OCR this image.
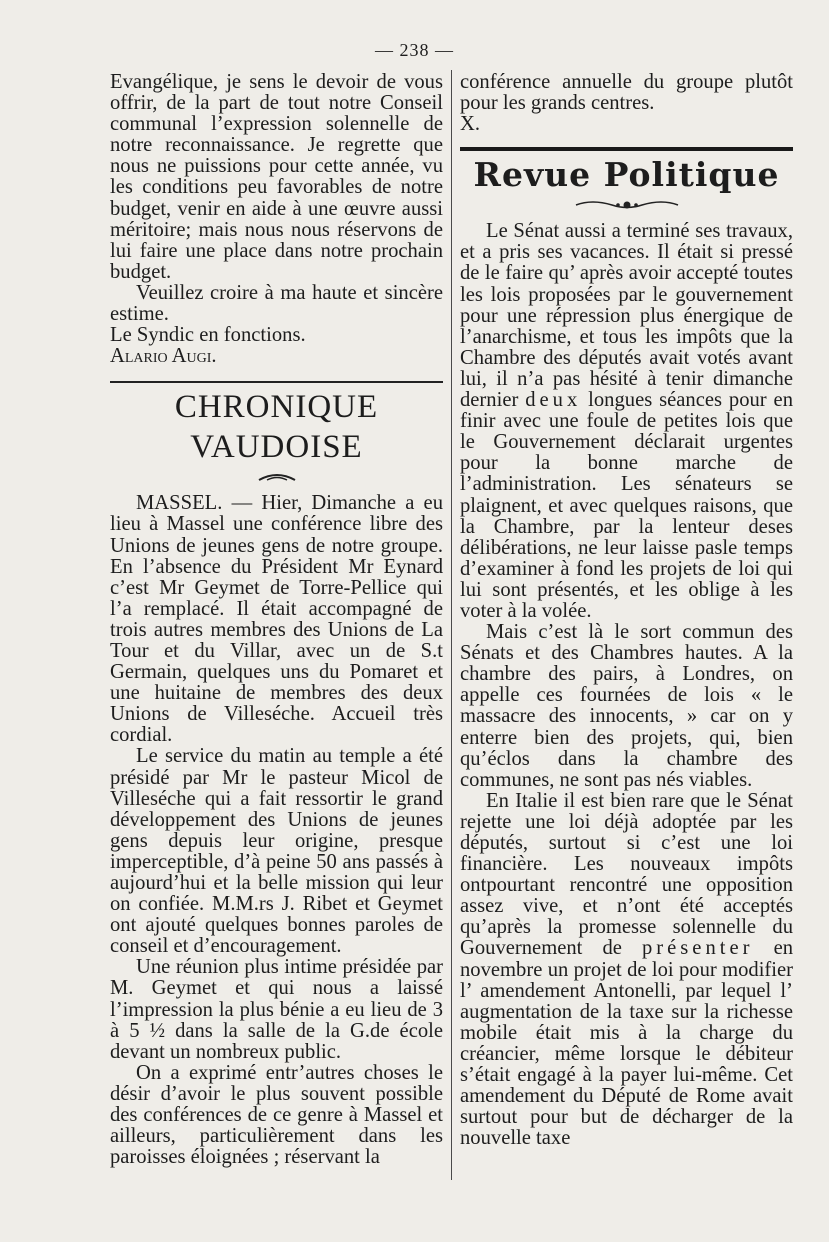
— 238 —

Evangélique, je sens le devoir de vous offrir, de la part de tout notre Conseil communal l’expression solennelle de notre reconnaissance. Je regrette que nous ne puissions pour cette année, vu les conditions peu favorables de notre budget, venir en aide à une œuvre aussi méritoire; mais nous nous réservons de lui faire une place dans notre prochain budget.

Veuillez croire à ma haute et sincère estime.

Le Syndic en fonctions.

Alario Augi.

CHRONIQUE VAUDOISE

MASSEL. — Hier, Dimanche a eu lieu à Massel une conférence libre des Unions de jeunes gens de notre groupe. En l’absence du Président Mr Eynard c’est Mr Geymet de Torre-Pellice qui l’a remplacé. Il était accompagné de trois autres membres des Unions de La Tour et du Villar, avec un de S.t Germain, quelques uns du Pomaret et une huitaine de membres des deux Unions de Villeséche. Accueil très cordial.

Le service du matin au temple a été présidé par Mr le pasteur Micol de Villeséche qui a fait ressortir le grand développement des Unions de jeunes gens depuis leur origine, presque imperceptible, d’à peine 50 ans passés à aujourd’hui et la belle mission qui leur on confiée. M.M.rs J. Ribet et Geymet ont ajouté quelques bonnes paroles de conseil et d’encouragement.

Une réunion plus intime présidée par M. Geymet et qui nous a laissé l’impression la plus bénie a eu lieu de 3 à 5 ½ dans la salle de la G.de école devant un nombreux public.

On a exprimé entr’autres choses le désir d’avoir le plus souvent possible des conférences de ce genre à Massel et ailleurs, particulièrement dans les paroisses éloignées ; réservant la

conférence annuelle du groupe plutôt pour les grands centres.

X.

Revue Politique

Le Sénat aussi a terminé ses travaux, et a pris ses vacances. Il était si pressé de le faire qu’ après avoir accepté toutes les lois proposées par le gouvernement pour une répression plus énergique de l’anarchisme, et tous les impôts que la Chambre des députés avait votés avant lui, il n’a pas hésité à tenir dimanche dernier deux longues séances pour en finir avec une foule de petites lois que le Gouvernement déclarait urgentes pour la bonne marche de l’administration. Les sénateurs se plaignent, et avec quelques raisons, que la Chambre, par la lenteur deses délibérations, ne leur laisse pasle temps d’examiner à fond les projets de loi qui lui sont présentés, et les oblige à les voter à la volée.

Mais c’est là le sort commun des Sénats et des Chambres hautes. A la chambre des pairs, à Londres, on appelle ces fournées de lois « le massacre des innocents, » car on y enterre bien des projets, qui, bien qu’éclos dans la chambre des communes, ne sont pas nés viables.

En Italie il est bien rare que le Sénat rejette une loi déjà adoptée par les députés, surtout si c’est une loi financière. Les nouveaux impôts ontpourtant rencontré une opposition assez vive, et n’ont été acceptés qu’après la promesse solennelle du Gouvernement de présenter en novembre un projet de loi pour modifier l’ amendement Antonelli, par lequel l’ augmentation de la taxe sur la richesse mobile était mis à la charge du créancier, même lorsque le débiteur s’était engagé à la payer lui-même. Cet amendement du Député de Rome avait surtout pour but de décharger de la nouvelle taxe
